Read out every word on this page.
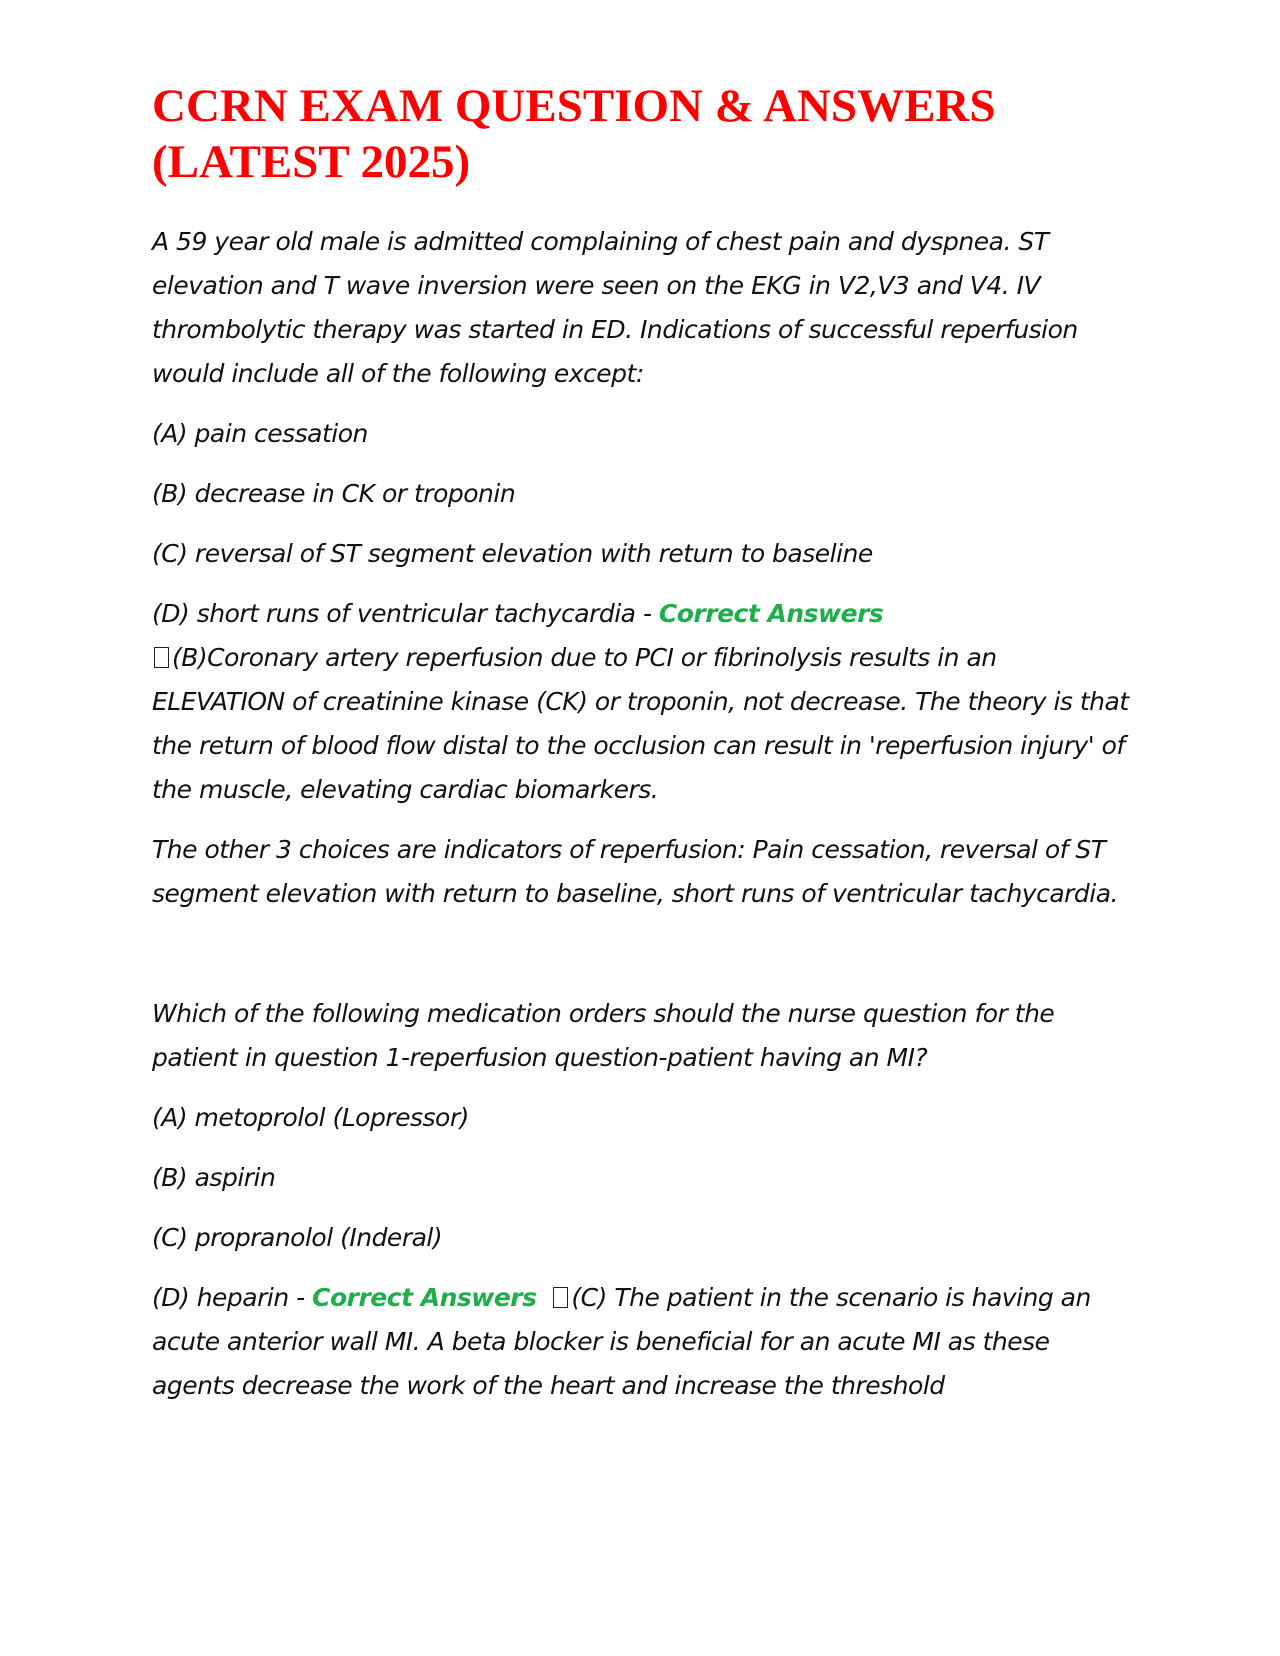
CCRN EXAM QUESTION & ANSWERS
(LATEST 2025)

A 59 year old male is admitted complaining of chest pain and dyspnea. ST elevation and T wave inversion were seen on the EKG in V2,V3 and V4. IV thrombolytic therapy was started in ED. Indications of successful reperfusion would include all of the following except:

(A) pain cessation

(B) decrease in CK or troponin

(C) reversal of ST segment elevation with return to baseline

(D) short runs of ventricular tachycardia - Correct Answers
(B)Coronary artery reperfusion due to PCI or fibrinolysis results in an ELEVATION of creatinine kinase (CK) or troponin, not decrease. The theory is that the return of blood flow distal to the occlusion can result in 'reperfusion injury' of the muscle, elevating cardiac biomarkers.

The other 3 choices are indicators of reperfusion: Pain cessation, reversal of ST segment elevation with return to baseline, short runs of ventricular tachycardia.

Which of the following medication orders should the nurse question for the patient in question 1-reperfusion question-patient having an MI?

(A) metoprolol (Lopressor)

(B) aspirin

(C) propranolol (Inderal)

(D) heparin - Correct Answers (C) The patient in the scenario is having an acute anterior wall MI. A beta blocker is beneficial for an acute MI as these agents decrease the work of the heart and increase the threshold
